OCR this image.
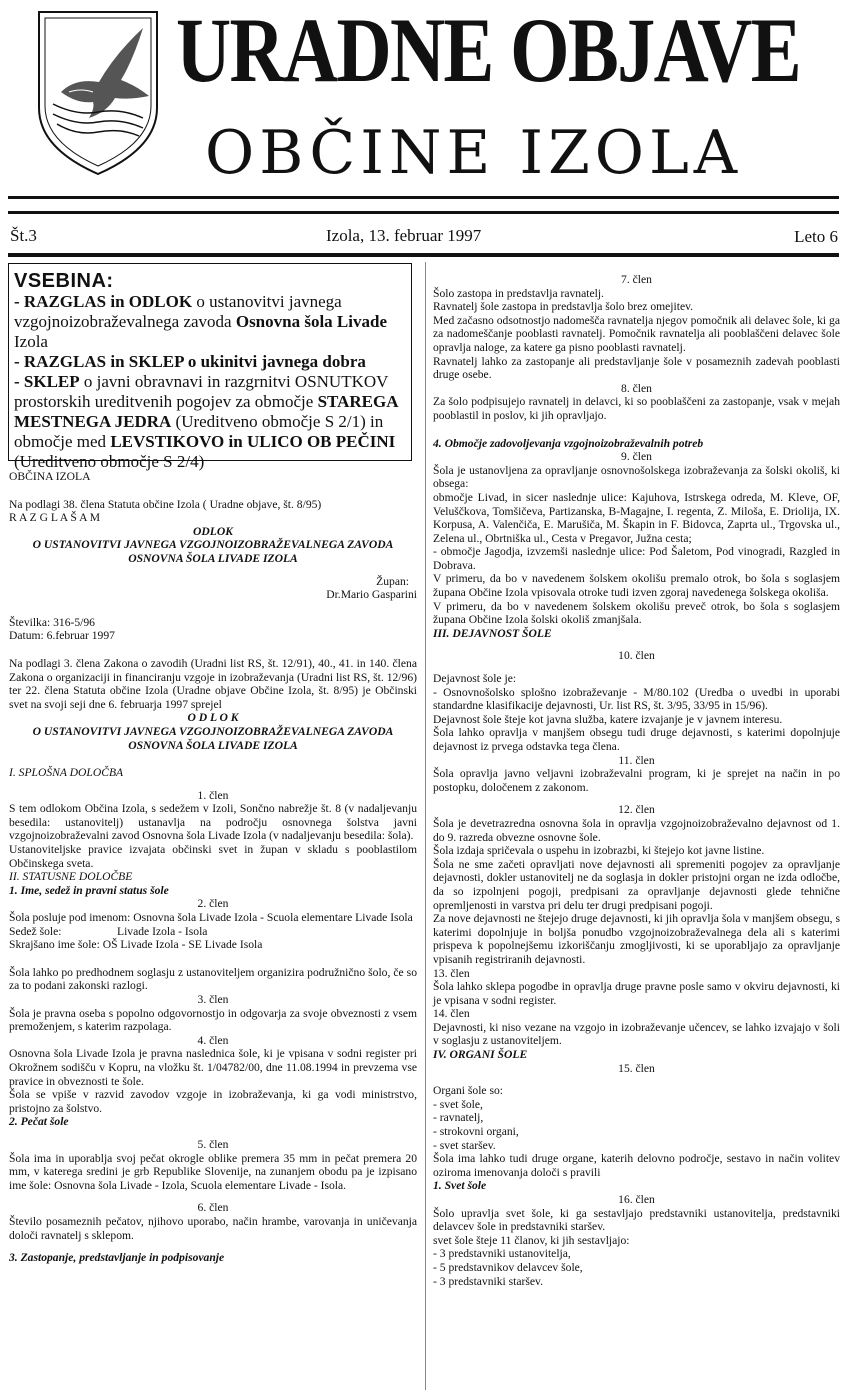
URADNE OBJAVE
OBČINE IZOLA
Št.3	Izola, 13. februar 1997	Leto 6
VSEBINA:
- RAZGLAS in ODLOK o ustanovitvi javnega vzgojnoizobraževalnega zavoda Osnovna šola Livade Izola
- RAZGLAS in SKLEP o ukinitvi javnega dobra
- SKLEP o javni obravnavi in razgrnitvi OSNUTKOV prostorskih ureditvenih pogojev za območje STAREGA MESTNEGA JEDRA (Ureditveno območje S 2/1) in območje med LEVSTIKOVO in ULICO OB PEČINI (Ureditveno območje S 2/4)

OBČINA IZOLA

Na podlagi 38. člena Statuta občine Izola ( Uradne objave, št. 8/95)

R A Z G L A Š A M

ODLOK

O USTANOVITVI JAVNEGA VZGOJNOIZOBRAŽEVALNEGA ZAVODA

OSNOVNA ŠOLA LIVADE IZOLA

Župan:

Dr.Mario Gasparini

Številka: 316-5/96

Datum: 6.februar 1997

Na podlagi 3. člena Zakona o zavodih (Uradni list RS, št. 12/91), 40., 41. in 140. člena Zakona o organizaciji in financiranju vzgoje in izobraževanja (Uradni list RS, št. 12/96) ter 22. člena Statuta občine Izola (Uradne objave Občine Izola, št. 8/95) je Občinski svet na svoji seji dne 6. februarja 1997 sprejel

O D L O K

O USTANOVITVI JAVNEGA VZGOJNOIZOBRAŽEVALNEGA ZAVODA

OSNOVNA ŠOLA LIVADE IZOLA

I. SPLOŠNA DOLOČBA

1. člen

S tem odlokom Občina Izola, s sedežem v Izoli, Sončno nabrežje št. 8 (v nadaljevanju besedila: ustanovitelj) ustanavlja na področju osnovnega šolstva javni vzgojnoizobraževalni zavod Osnovna šola Livade Izola (v nadaljevanju besedila: šola).

Ustanoviteljske pravice izvajata občinski svet in župan v skladu s pooblastilom Občinskega sveta.

II. STATUSNE DOLOČBE

1. Ime, sedež in pravni status šole

2. člen

Šola posluje pod imenom: Osnovna šola Livade Izola - Scuola elementare Livade Isola

Sedež šole:	Livade Izola - Isola

Skrajšano ime šole: OŠ Livade Izola - SE Livade Isola

Šola lahko po predhodnem soglasju z ustanoviteljem organizira podružnično šolo, če so za to podani zakonski razlogi.

3. člen

Šola je pravna oseba s popolno odgovornostjo in odgovarja za svoje obveznosti z vsem premoženjem, s katerim razpolaga.

4. člen

Osnovna šola Livade Izola je pravna naslednica šole, ki je vpisana v sodni register pri Okrožnem sodišču v Kopru, na vložku št. 1/04782/00, dne 11.08.1994 in prevzema vse pravice in obveznosti te šole.

Šola se vpiše v razvid zavodov vzgoje in izobraževanja, ki ga vodi ministrstvo, pristojno za šolstvo.

2. Pečat šole

5. člen

Šola ima in uporablja svoj pečat okrogle oblike premera 35 mm in pečat premera 20 mm, v katerega sredini je grb Republike Slovenije, na zunanjem obodu pa je izpisano ime šole: Osnovna šola Livade - Izola, Scuola elementare Livade - Isola.

6. člen

Število posameznih pečatov, njihovo uporabo, način hrambe, varovanja in uničevanja določi ravnatelj s sklepom.

3. Zastopanje, predstavljanje in podpisovanje

7. člen

Šolo zastopa in predstavlja ravnatelj.

Ravnatelj šole zastopa in predstavlja šolo brez omejitev.

Med začasno odsotnostjo nadomešča ravnatelja njegov pomočnik ali delavec šole, ki ga za nadomeščanje pooblasti ravnatelj. Pomočnik ravnatelja ali pooblaščeni delavec šole opravlja naloge, za katere ga pisno pooblasti ravnatelj.

Ravnatelj lahko za zastopanje ali predstavljanje šole v posameznih zadevah pooblasti druge osebe.

8. člen

Za šolo podpisujejo ravnatelj in delavci, ki so pooblaščeni za zastopanje, vsak v mejah pooblastil in poslov, ki jih opravljajo.

4. Območje zadovoljevanja vzgojnoizobraževalnih potreb

9. člen

Šola je ustanovljena za opravljanje osnovnošolskega izobraževanja za šolski okoliš, ki obsega:

območje Livad, in sicer naslednje ulice: Kajuhova, Istrskega odreda, M. Kleve, OF, Veluščkova, Tomšičeva, Partizanska, B-Magajne, I. regenta, Z. Miloša, E. Driolija, IX. Korpusa, A. Valenčiča, E. Marušiča, M. Škapin in F. Bidovca, Zaprta ul., Trgovska ul., Zelena ul., Obrtniška ul., Cesta v Pregavor, Južna cesta;

- območje Jagodja, izvzemši naslednje ulice: Pod Šaletom, Pod vinogradi, Razgled in Dobrava.

V primeru, da bo v navedenem šolskem okolišu premalo otrok, bo šola s soglasjem župana Občine Izola vpisovala otroke tudi izven zgoraj navedenega šolskega okoliša.

V primeru, da bo v navedenem šolskem okolišu preveč otrok, bo šola s soglasjem župana Občine Izola šolski okoliš zmanjšala.

III. DEJAVNOST ŠOLE

10. člen

Dejavnost šole je:

- Osnovnošolsko splošno izobraževanje - M/80.102 (Uredba o uvedbi in uporabi standardne klasifikacije dejavnosti, Ur. list RS, št. 3/95, 33/95 in 15/96).

Dejavnost šole šteje kot javna služba, katere izvajanje je v javnem interesu.

Šola lahko opravlja v manjšem obsegu tudi druge dejavnosti, s katerimi dopolnjuje dejavnost iz prvega odstavka tega člena.

11. člen

Šola opravlja javno veljavni izobraževalni program, ki je sprejet na način in po postopku, določenem z zakonom.

12. člen

Šola je devetrazredna osnovna šola in opravlja vzgojnoizobraževalno dejavnost od 1. do 9. razreda obvezne osnovne šole.

Šola izdaja spričevala o uspehu in izobrazbi, ki štejejo kot javne listine.

Šola ne sme začeti opravljati nove dejavnosti ali spremeniti pogojev za opravljanje dejavnosti, dokler ustanovitelj ne da soglasja in dokler pristojni organ ne izda odločbe, da so izpolnjeni pogoji, predpisani za opravljanje dejavnosti glede tehnične opremljenosti in varstva pri delu ter drugi predpisani pogoji.

Za nove dejavnosti ne štejejo druge dejavnosti, ki jih opravlja šola v manjšem obsegu, s katerimi dopolnjuje in boljša ponudbo vzgojnoizobraževalnega dela ali s katerimi prispeva k popolnejšemu izkoriščanju zmogljivosti, ki se uporabljajo za opravljanje vpisanih registriranih dejavnosti.

13. člen

Šola lahko sklepa pogodbe in opravlja druge pravne posle samo v okviru dejavnosti, ki je vpisana v sodni register.

14. člen

Dejavnosti, ki niso vezane na vzgojo in izobraževanje učencev, se lahko izvajajo v šoli v soglasju z ustanoviteljem.

IV. ORGANI ŠOLE

15. člen

Organi šole so:

- svet šole,

- ravnatelj,

- strokovni organi,

- svet staršev.

Šola ima lahko tudi druge organe, katerih delovno področje, sestavo in način volitev oziroma imenovanja določi s pravili

1. Svet šole

16. člen

Šolo upravlja svet šole, ki ga sestavljajo predstavniki ustanovitelja, predstavniki delavcev šole in predstavniki staršev.

svet šole šteje 11 članov, ki jih sestavljajo:

- 3 predstavniki ustanovitelja,

- 5 predstavnikov delavcev šole,

- 3 predstavniki staršev.
